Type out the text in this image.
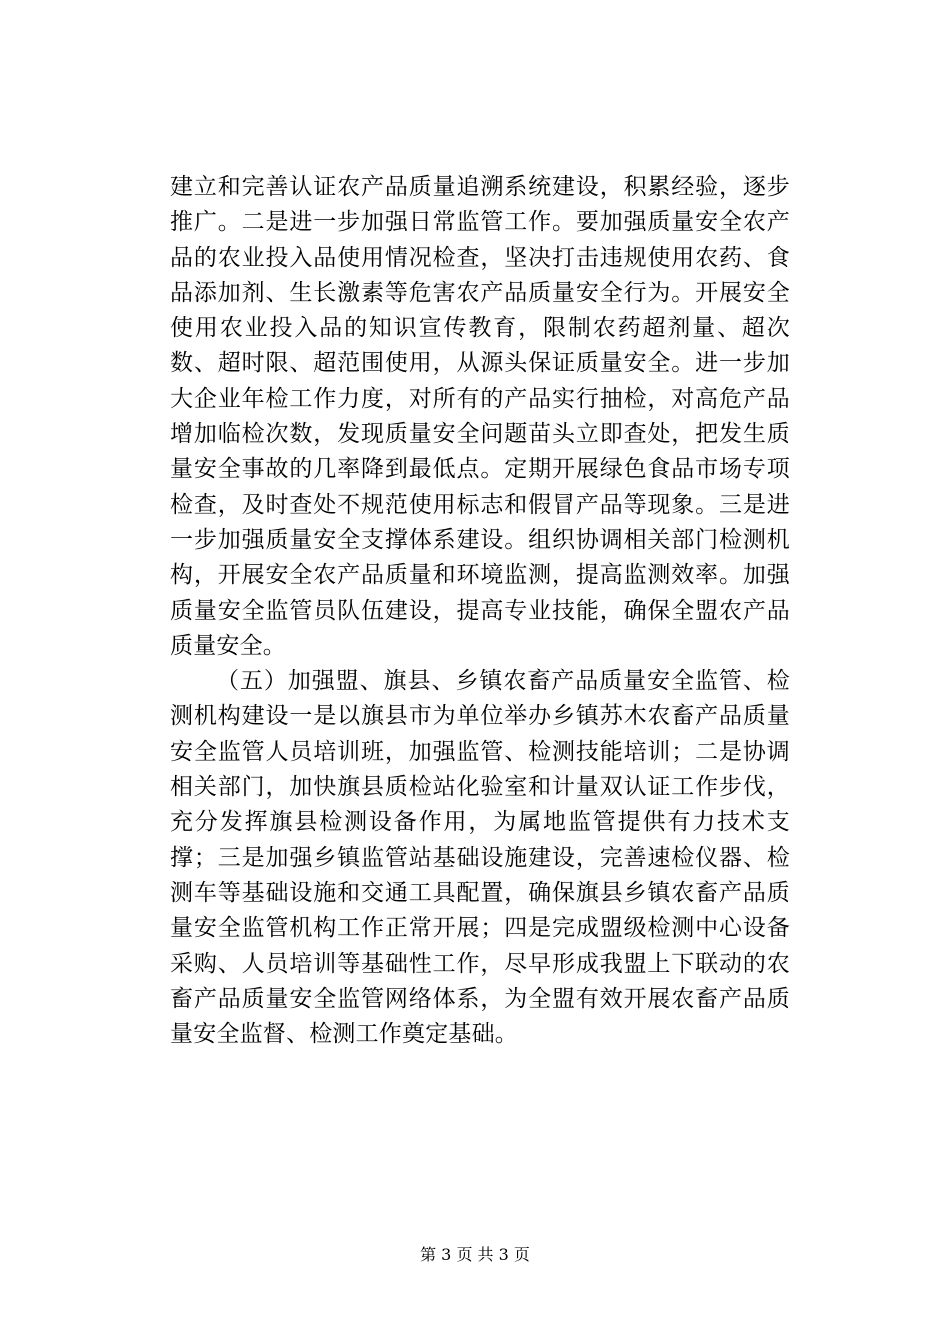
建立和完善认证农产品质量追溯系统建设，积累经验，逐步推广。二是进一步加强日常监管工作。要加强质量安全农产品的农业投入品使用情况检查，坚决打击违规使用农药、食品添加剂、生长激素等危害农产品质量安全行为。开展安全使用农业投入品的知识宣传教育，限制农药超剂量、超次数、超时限、超范围使用，从源头保证质量安全。进一步加大企业年检工作力度，对所有的产品实行抽检，对高危产品增加临检次数，发现质量安全问题苗头立即查处，把发生质量安全事故的几率降到最低点。定期开展绿色食品市场专项检查，及时查处不规范使用标志和假冒产品等现象。三是进一步加强质量安全支撑体系建设。组织协调相关部门检测机构，开展安全农产品质量和环境监测，提高监测效率。加强质量安全监管员队伍建设，提高专业技能，确保全盟农产品质量安全。

（五）加强盟、旗县、乡镇农畜产品质量安全监管、检测机构建设一是以旗县市为单位举办乡镇苏木农畜产品质量安全监管人员培训班，加强监管、检测技能培训；二是协调相关部门，加快旗县质检站化验室和计量双认证工作步伐，充分发挥旗县检测设备作用，为属地监管提供有力技术支撑；三是加强乡镇监管站基础设施建设，完善速检仪器、检测车等基础设施和交通工具配置，确保旗县乡镇农畜产品质量安全监管机构工作正常开展；四是完成盟级检测中心设备采购、人员培训等基础性工作，尽早形成我盟上下联动的农畜产品质量安全监管网络体系，为全盟有效开展农畜产品质量安全监督、检测工作奠定基础。

第 3 页 共 3 页
